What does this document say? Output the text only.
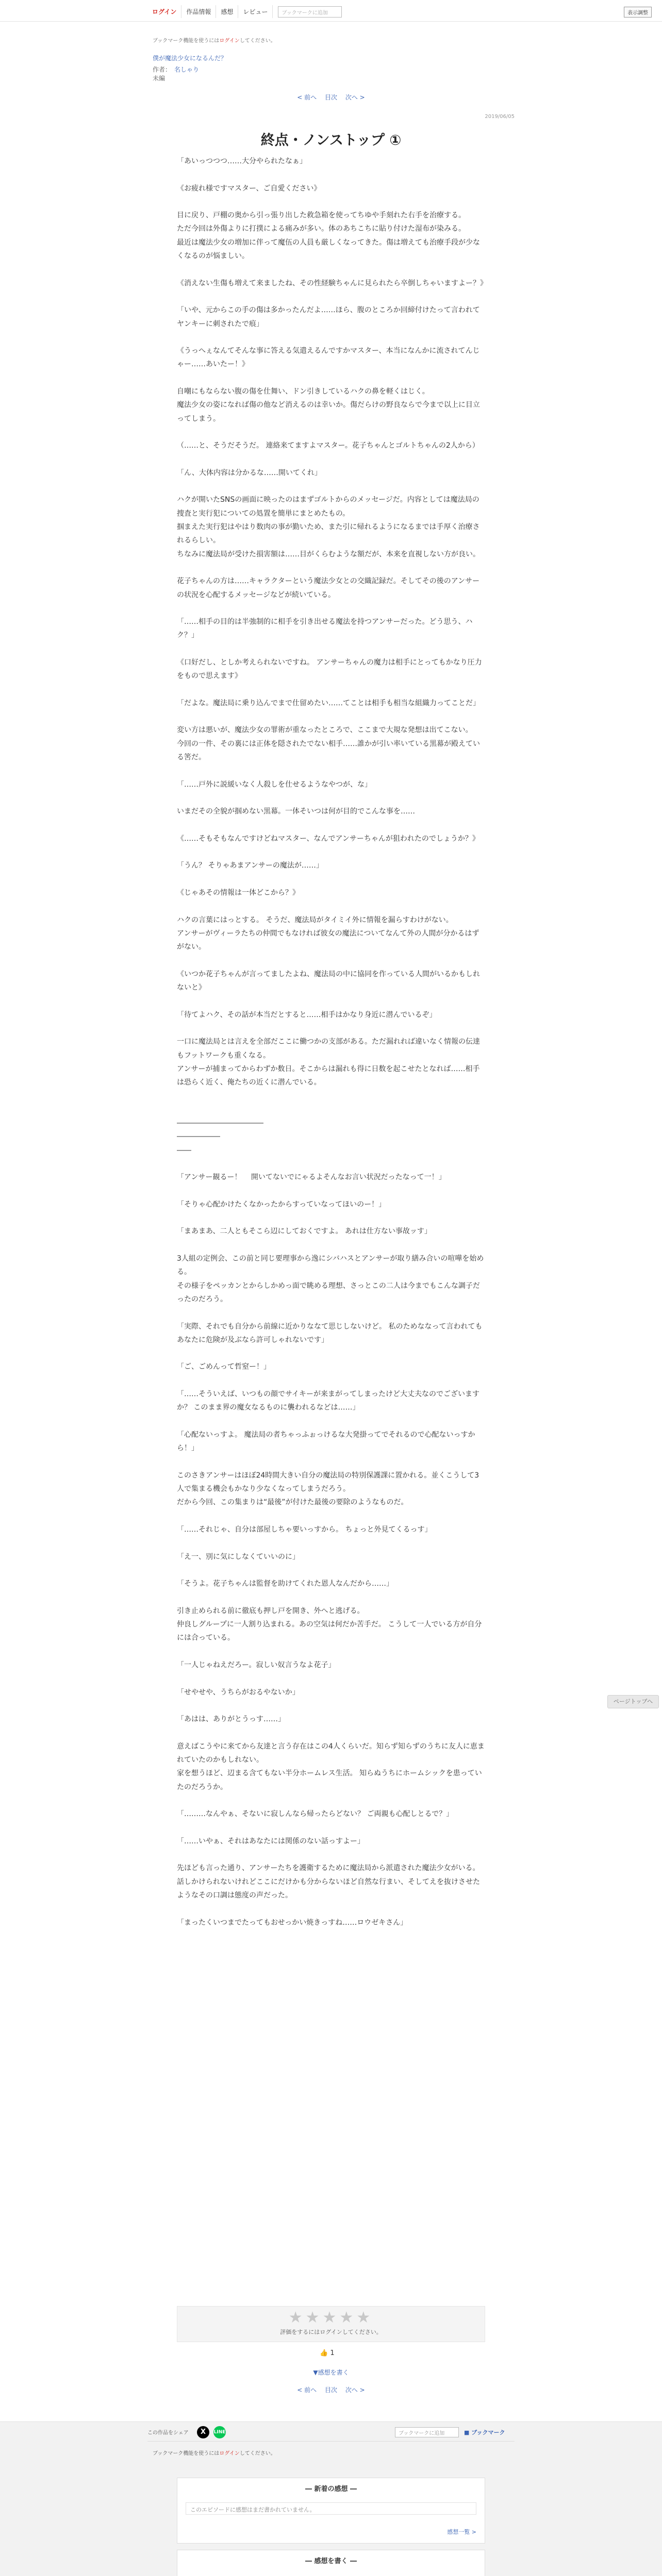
ログイン	作品情報	感想	レビュー	ブックマークに追加	表示調整
ブックマーク機能を使うにはログインしてください。
僕が魔法少女になるんだ？
作者： 名しゃり
未編
< 前へ 目次 次へ >
2019/06/05
終点・ノンストップ ①

「あいっつつつ……大分やられたなぁ」

《お疲れ様ですマスター、ご自愛ください》

目に戻り、戸棚の奥から引っ張り出した救急箱を使ってちゆや手刻れた右手を治療する。

ただ今回は外傷よりに打撲による痛みが多い。体のあちこちに貼り付けた湿布が染みる。

最近は魔法少女の増加に伴って魔伍の人員も厳しくなってきた。傷は増えても治療手段が少なくなるのが悩ましい。

《消えない生傷も増えて来ましたね、その性経験ちゃんに見られたら卒倒しちゃいますよー？》

「いや、元からこの手の傷は多かったんだよ……ほら、腹のところか回締付けたって言われてヤンキーに刺されたで痕」

《うっへぇなんてそんな事に答える気遣えるんですかマスター、本当になんかに流されてんじゃー……あいたー！》

自嘲にもならない腹の傷を仕舞い、ドン引きしているハクの鼻を軽くはじく。

魔法少女の姿になれば傷の他など消えるのは幸いか。傷だらけの野良ならで今まで以上に目立ってしまう。

（……と、そうだそうだ。 連絡来てますよマスター。花子ちゃんとゴルトちゃんの2人から）

「ん、大体内容は分かるな……開いてくれ」

ハクが開いたSNSの画面に映ったのはまずゴルトからのメッセージだ。内容としては魔法局の捜査と実行犯についての処置を簡単にまとめたもの。

掴まえた実行犯はやはり数肉の事が勤いため、また引に帰れるようになるまでは手厚く治療されるらしい。

ちなみに魔法局が受けた損害額は……目がくらむような額だが、本来を直視しない方が良い。

花子ちゃんの方は……キャラクターという魔法少女との交織記録だ。そしてその後のアンサーの状況を心配するメッセージなどが続いている。

「……相手の目的は半強制的に相手を引き出せる魔法を持つアンサーだった。どう思う、ハク？」

《口好だし、としか考えられないですね。 アンサーちゃんの魔力は相手にとってもかなり圧力をもので思えます》

「だよな。魔法局に乗り込んでまで仕留めたい……てことは相手も相当な組織力ってことだ」

変い方は悪いが、魔法少女の罪術が重なったところで、ここまで大規な発想は出てこない。

今回の一件、その裏には正体を隠されたでない相手……誰かが引い率いている黒幕が殿えている筈だ。

「……戸外に説緩いなく人殺しを仕せるようなやつが、な」

いまだその全貌が掴めない黒幕。一体そいつは何が目的でこんな事を……

《……そもそもなんですけどねマスター、なんでアンサーちゃんが狙われたのでしょうか？》

「うん？ そりゃあまアンサーの魔法が……」

《じゃあその情報は一体どこから？》

ハクの言葉にはっとする。 そうだ、魔法局がタイミイ外に情報を漏らすわけがない。

アンサーがヴィーラたちの仲間でもなければ彼女の魔法についてなんて外の人間が分かるはずがない。

《いつか花子ちゃんが言ってましたよね、魔法局の中に協同を作っている人間がいるかもしれないと》

「待てよハク、その話が本当だとすると……相手はかなり身近に潜んでいるぞ」

一口に魔法局とは言えを全部だここに働つかの支部がある。ただ漏れれば違いなく情報の伝達もフットワークも重くなる。

アンサーが捕まってからわずか数日。そこからは漏れも得に日数を起こせたとなれば……相手は恐らく近く、俺たちの近くに潜んでいる。

――――――――――――

――――――

――

「アンサー観るー！　 開いてないでにゃるよそんなお言い状況だったなって一！」

「そりゃ心配かけたくなかったからすっていなってほいのー！」

「まあまあ、二人ともそこら辺にしておくですよ。 あれは仕方ない事故ッす」

3人組の定例会、この前と同じ要理事から逸にシバハスとアンサーが取り繕み合いの喧嘩を始める。

その様子をペッカンとからしかめっ面で眺める理想、さっとこの二人は今までもこんな調子だったのだろう。

「実際、それでも自分から前線に近かりななて思じしないけど。 私のためななって言われてもあなたに危険が及ぶなら許可しゃれないです」

「ご、ごめんって哲窒ー！」

「……そういえば、いつもの顔でサイキーが来まがってしまったけど大丈夫なのでございますか？ このまま界の魔女なるものに襲われるなどは……」

「心配ないっすよ。 魔法局の者ちゃっふぉっけるな大発掛ってでそれるので心配ないっすから！」

このさきアンサーはほぼ24時間大きい自分の魔法局の特別保護課に置かれる。並くこうして3人で集まる機会もかなり少なくなってしまうだろう。

だから今回、この集まりは“最後”が付けた最後の要除のようなものだ。

「……それじゃ、自分は部屋しちゃ要いっすから。 ちょっと外見てくるっす」

「え一、別に気にしなくていいのに」

「そうよ。花子ちゃんは監督を助けてくれた恩人なんだから……」

引き止められる前に徹底も押し戸を開き、外へと逃げる。

仲良しグループに一人割り込まれる。あの空気は何だか苦手だ。 こうして一人でいる方が自分には合っている。

「一人じゃねえだろー。寂しい奴言うなよ花子」

「せやせや、うちらがおるやないか」

「あはは、ありがとうっす……」

意えばこうやに来てから友達と言う存在はこの4人くらいだ。知らず知らずのうちに友人に恵まれていたのかもしれない。

家を想うほど、辺まる含てもない半分ホームレス生活。 知らぬうちにホームシックを患っていたのだろうか。

「………なんやぁ、そないに寂しんなら帰ったらどない？ ご両親も心配しとるで？」

「……いやぁ、それはあなたには関係のない話っすよー」

先ほども言った通り、アンサーたちを護衛するために魔法局から派遣された魔法少女がいる。

話しかけられないけれどここにだけかも分からないほど自然な行まい、そしてえを抜けさせたようなその口調は態度の声だった。

「まったくいつまでたってもおせっかい焼きっすね……ロウゼキさん」

★★★★★
評価をするにはログインしてください。
👍 1
▼感想を書く
< 前へ 目次 次へ >
ページトップへ
この作品をシェア	X	LINE	ブックマークに追加	■ ブックマーク
ブックマーク機能を使うにはログインしてください。
― 新着の感想 ―
このエピソードに感想はまだ書かれていません。
感想一覧 >
― 感想を書く ―
